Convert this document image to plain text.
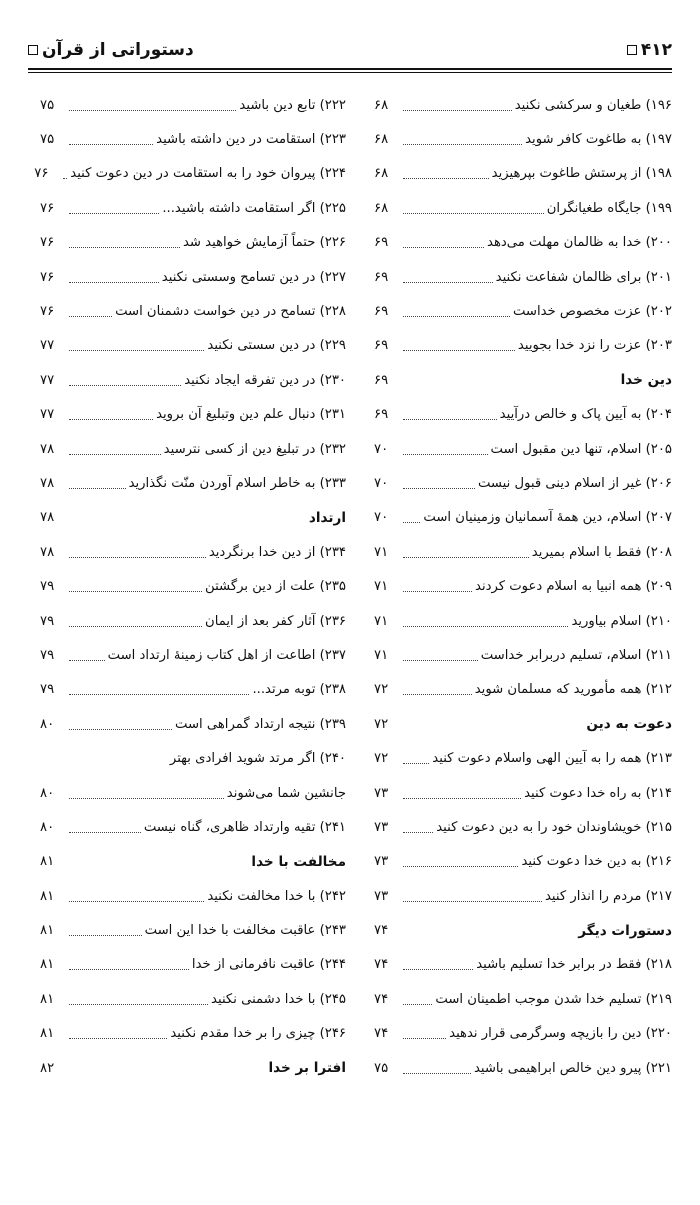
۴۱۲
دستوراتی از قرآن
۱۹۶) طغیان و سرکشی نکنید
۶۸
۱۹۷) به طاغوت کافر شوید
۶۸
۱۹۸) از پرستش طاغوت بپرهیزید
۶۸
۱۹۹) جایگاه طغیانگران
۶۸
۲۰۰) خدا به ظالمان مهلت می‌دهد
۶۹
۲۰۱) برای ظالمان شفاعت نکنید
۶۹
۲۰۲) عزت مخصوص خداست
۶۹
۲۰۳) عزت را نزد خدا بجویید
۶۹
دین خدا
۶۹
۲۰۴) به آیین پاک و خالص درآیید
۶۹
۲۰۵) اسلام، تنها دین مقبول است
۷۰
۲۰۶) غیر از اسلام دینی قبول نیست
۷۰
۲۰۷) اسلام، دین همهٔ آسمانیان وزمینیان است
۷۰
۲۰۸) فقط با اسلام بمیرید
۷۱
۲۰۹) همه انبیا به اسلام دعوت کردند
۷۱
۲۱۰) اسلام بیاورید
۷۱
۲۱۱) اسلام، تسلیم دربرابر خداست
۷۱
۲۱۲) همه مأمورید که مسلمان شوید
۷۲
دعوت به دین
۷۲
۲۱۳) همه را به آیین الهی واسلام دعوت کنید
۷۲
۲۱۴) به راه خدا دعوت کنید
۷۳
۲۱۵) خویشاوندان خود را به دین دعوت کنید
۷۳
۲۱۶) به دین خدا دعوت کنید
۷۳
۲۱۷) مردم را انذار کنید
۷۳
دستورات دیگر
۷۴
۲۱۸) فقط در برابر خدا تسلیم باشید
۷۴
۲۱۹) تسلیم خدا شدن موجب اطمینان است
۷۴
۲۲۰) دین را بازیچه وسرگرمی قرار ندهید
۷۴
۲۲۱) پیرو دین خالص ابراهیمی باشید
۷۵
۲۲۲) تابع دین باشید
۷۵
۲۲۳) استقامت در دین داشته باشید
۷۵
۲۲۴) پیروان خود را به استقامت در دین دعوت کنید
۷۶
۲۲۵) اگر استقامت داشته باشید...
۷۶
۲۲۶) حتماً آزمایش خواهید شد
۷۶
۲۲۷) در دین تسامح وسستی نکنید
۷۶
۲۲۸) تسامح در دین خواست دشمنان است
۷۶
۲۲۹) در دین سستی نکنید
۷۷
۲۳۰) در دین تفرقه ایجاد نکنید
۷۷
۲۳۱) دنبال علم دین وتبلیغ آن بروید
۷۷
۲۳۲) در تبلیغ دین از کسی نترسید
۷۸
۲۳۳) به خاطر اسلام آوردن منّت نگذارید
۷۸
ارتداد
۷۸
۲۳۴) از دین خدا برنگردید
۷۸
۲۳۵) علت از دین برگشتن
۷۹
۲۳۶) آثار کفر بعد از ایمان
۷۹
۲۳۷) اطاعت از اهل کتاب زمینهٔ ارتداد است
۷۹
۲۳۸) توبه مرتد...
۷۹
۲۳۹) نتیجه ارتداد گمراهی است
۸۰
۲۴۰) اگر مرتد شوید افرادی بهتر
جانشین شما می‌شوند
۸۰
۲۴۱) تقیه وارتداد ظاهری، گناه نیست
۸۰
مخالفت با خدا
۸۱
۲۴۲) با خدا مخالفت نکنید
۸۱
۲۴۳) عاقبت مخالفت با خدا این است
۸۱
۲۴۴) عاقبت نافرمانی از خدا
۸۱
۲۴۵) با خدا دشمنی نکنید
۸۱
۲۴۶) چیزی را بر خدا مقدم نکنید
۸۱
افترا بر خدا
۸۲
